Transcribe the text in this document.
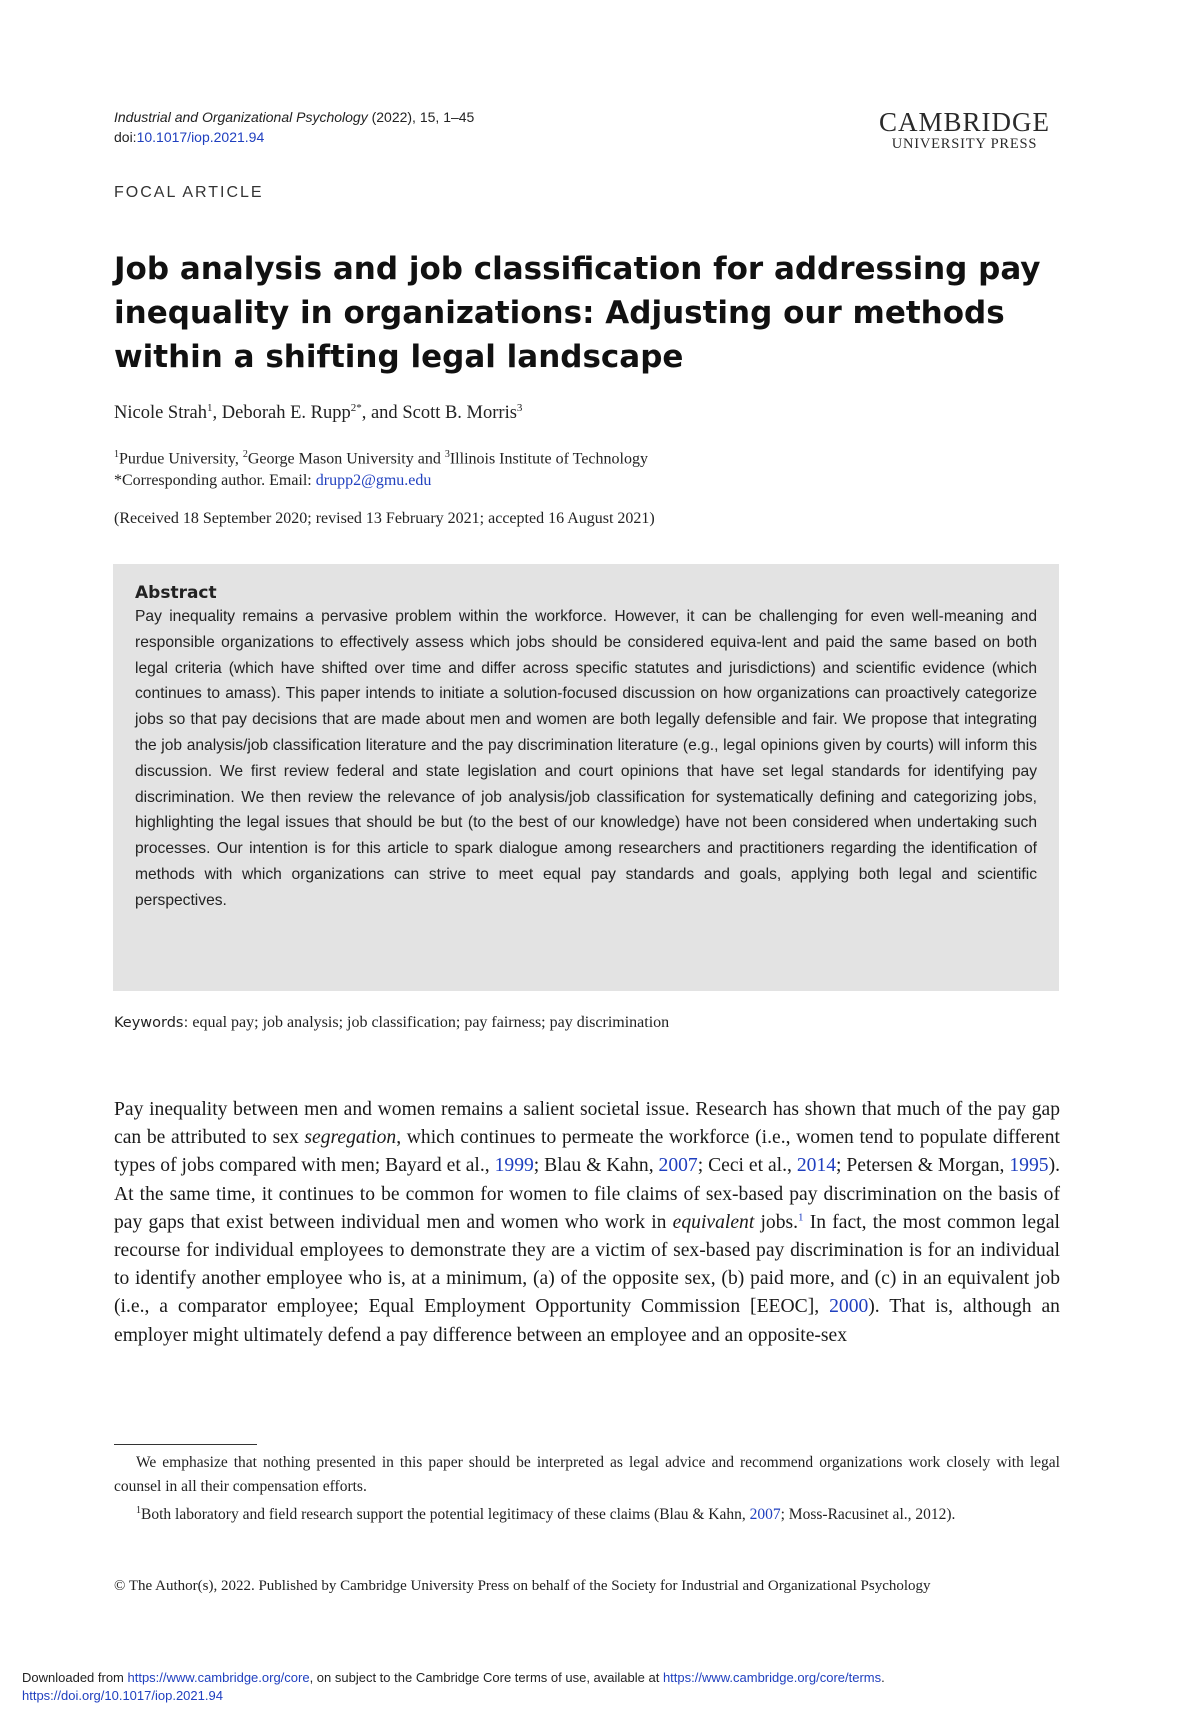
Industrial and Organizational Psychology (2022), 15, 1–45
doi:10.1017/iop.2021.94	CAMBRIDGE
UNIVERSITY PRESS
FOCAL ARTICLE
Job analysis and job classification for addressing pay inequality in organizations: Adjusting our methods within a shifting legal landscape
Nicole Strah$^1$, Deborah E. Rupp$^{2*}$, and Scott B. Morris$^3$
$^1$Purdue University, $^2$George Mason University and $^3$Illinois Institute of Technology
*Corresponding author. Email: drupp2@gmu.edu
(Received 18 September 2020; revised 13 February 2021; accepted 16 August 2021)
Abstract

Pay inequality remains a pervasive problem within the workforce. However, it can be challenging for even well-meaning and responsible organizations to effectively assess which jobs should be considered equiva-lent and paid the same based on both legal criteria (which have shifted over time and differ across specific statutes and jurisdictions) and scientific evidence (which continues to amass). This paper intends to initiate a solution-focused discussion on how organizations can proactively categorize jobs so that pay decisions that are made about men and women are both legally defensible and fair. We propose that integrating the job analysis/job classification literature and the pay discrimination literature (e.g., legal opinions given by courts) will inform this discussion. We first review federal and state legislation and court opinions that have set legal standards for identifying pay discrimination. We then review the relevance of job analysis/job classification for systematically defining and categorizing jobs, highlighting the legal issues that should be but (to the best of our knowledge) have not been considered when undertaking such processes. Our intention is for this article to spark dialogue among researchers and practitioners regarding the identification of methods with which organizations can strive to meet equal pay standards and goals, applying both legal and scientific perspectives.

Keywords: equal pay; job analysis; job classification; pay fairness; pay discrimination

Pay inequality between men and women remains a salient societal issue. Research has shown that much of the pay gap can be attributed to sex segregation, which continues to permeate the workforce (i.e., women tend to populate different types of jobs compared with men; Bayard et al., 1999; Blau & Kahn, 2007; Ceci et al., 2014; Petersen & Morgan, 1995). At the same time, it continues to be common for women to file claims of sex-based pay discrimination on the basis of pay gaps that exist between individual men and women who work in equivalent jobs.$^1$ In fact, the most common legal recourse for individual employees to demonstrate they are a victim of sex-based pay discrimination is for an individual to identify another employee who is, at a minimum, (a) of the opposite sex, (b) paid more, and (c) in an equivalent job (i.e., a comparator employee; Equal Employment Opportunity Commission [EEOC], 2000). That is, although an employer might ultimately defend a pay difference between an employee and an opposite-sex

We emphasize that nothing presented in this paper should be interpreted as legal advice and recommend organizations work closely with legal counsel in all their compensation efforts.

$^1$Both laboratory and field research support the potential legitimacy of these claims (Blau & Kahn, 2007; Moss-Racusinet al., 2012).

© The Author(s), 2022. Published by Cambridge University Press on behalf of the Society for Industrial and Organizational Psychology
Downloaded from https://www.cambridge.org/core, on subject to the Cambridge Core terms of use, available at https://www.cambridge.org/core/terms.
https://doi.org/10.1017/iop.2021.94
